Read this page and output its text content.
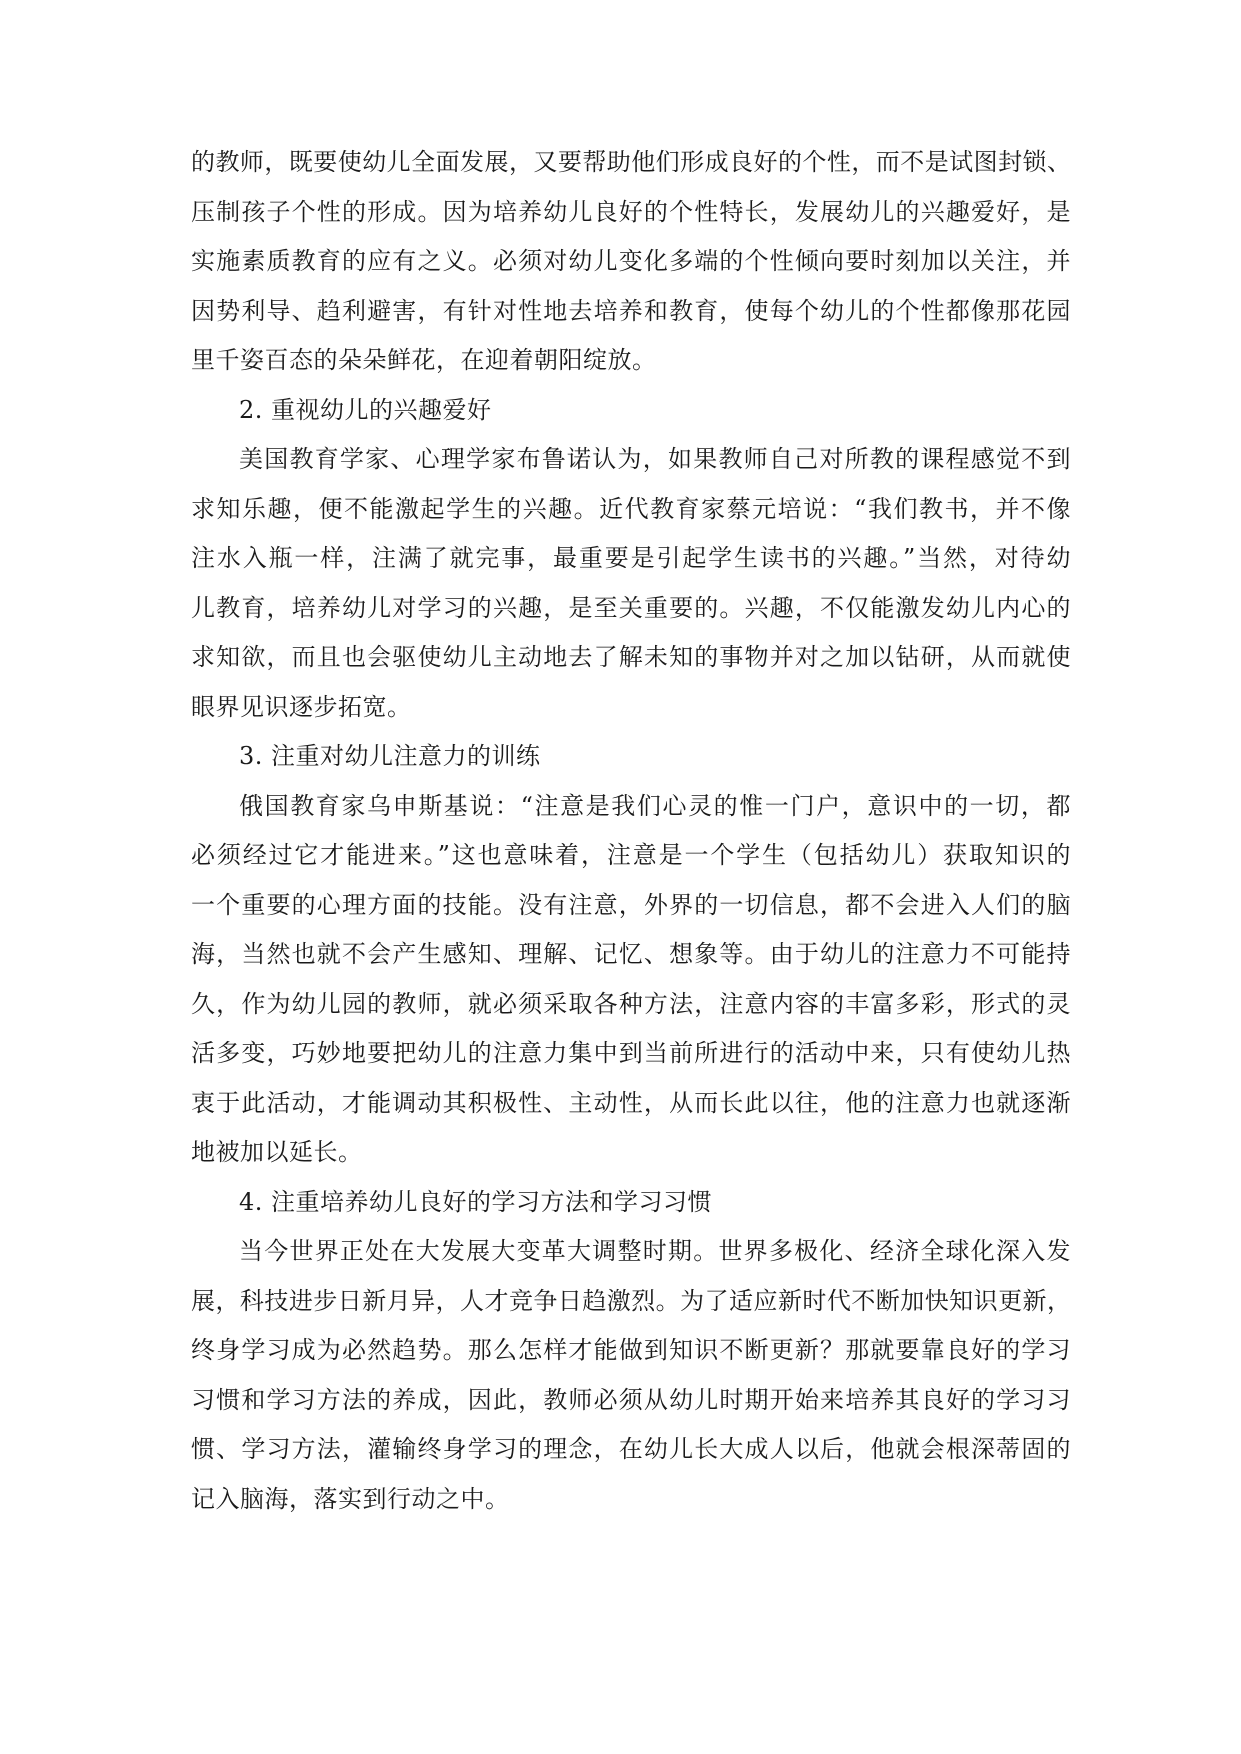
的教师，既要使幼儿全面发展，又要帮助他们形成良好的个性，而不是试图封锁、
压制孩子个性的形成。因为培养幼儿良好的个性特长，发展幼儿的兴趣爱好，是
实施素质教育的应有之义。必须对幼儿变化多端的个性倾向要时刻加以关注，并
因势利导、趋利避害，有针对性地去培养和教育，使每个幼儿的个性都像那花园
里千姿百态的朵朵鲜花，在迎着朝阳绽放。
2. 重视幼儿的兴趣爱好
美国教育学家、心理学家布鲁诺认为，如果教师自己对所教的课程感觉不到
求知乐趣，便不能激起学生的兴趣。近代教育家蔡元培说：“我们教书，并不像
注水入瓶一样，注满了就完事，最重要是引起学生读书的兴趣。”当然，对待幼
儿教育，培养幼儿对学习的兴趣，是至关重要的。兴趣，不仅能激发幼儿内心的
求知欲，而且也会驱使幼儿主动地去了解未知的事物并对之加以钻研，从而就使
眼界见识逐步拓宽。
3. 注重对幼儿注意力的训练
俄国教育家乌申斯基说：“注意是我们心灵的惟一门户，意识中的一切，都
必须经过它才能进来。”这也意味着，注意是一个学生（包括幼儿）获取知识的
一个重要的心理方面的技能。没有注意，外界的一切信息，都不会进入人们的脑
海，当然也就不会产生感知、理解、记忆、想象等。由于幼儿的注意力不可能持
久，作为幼儿园的教师，就必须采取各种方法，注意内容的丰富多彩，形式的灵
活多变，巧妙地要把幼儿的注意力集中到当前所进行的活动中来，只有使幼儿热
衷于此活动，才能调动其积极性、主动性，从而长此以往，他的注意力也就逐渐
地被加以延长。
4. 注重培养幼儿良好的学习方法和学习习惯
当今世界正处在大发展大变革大调整时期。世界多极化、经济全球化深入发
展，科技进步日新月异，人才竞争日趋激烈。为了适应新时代不断加快知识更新，
终身学习成为必然趋势。那么怎样才能做到知识不断更新？那就要靠良好的学习
习惯和学习方法的养成，因此，教师必须从幼儿时期开始来培养其良好的学习习
惯、学习方法，灌输终身学习的理念，在幼儿长大成人以后，他就会根深蒂固的
记入脑海，落实到行动之中。
